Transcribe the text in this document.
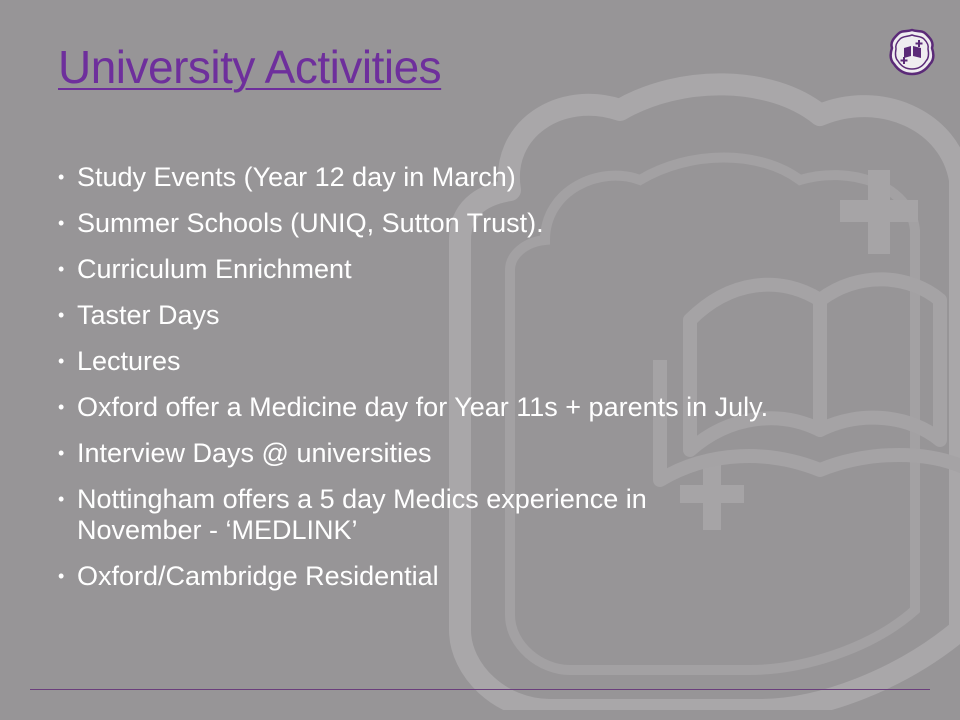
University Activities
• Study Events (Year 12 day in March)
• Summer Schools (UNIQ, Sutton Trust).
• Curriculum Enrichment
• Taster Days
• Lectures
• Oxford offer a Medicine day for Year 11s + parents in July.
• Interview Days @ universities
• Nottingham offers a 5 day Medics experience in November - ‘MEDLINK’
• Oxford/Cambridge Residential
